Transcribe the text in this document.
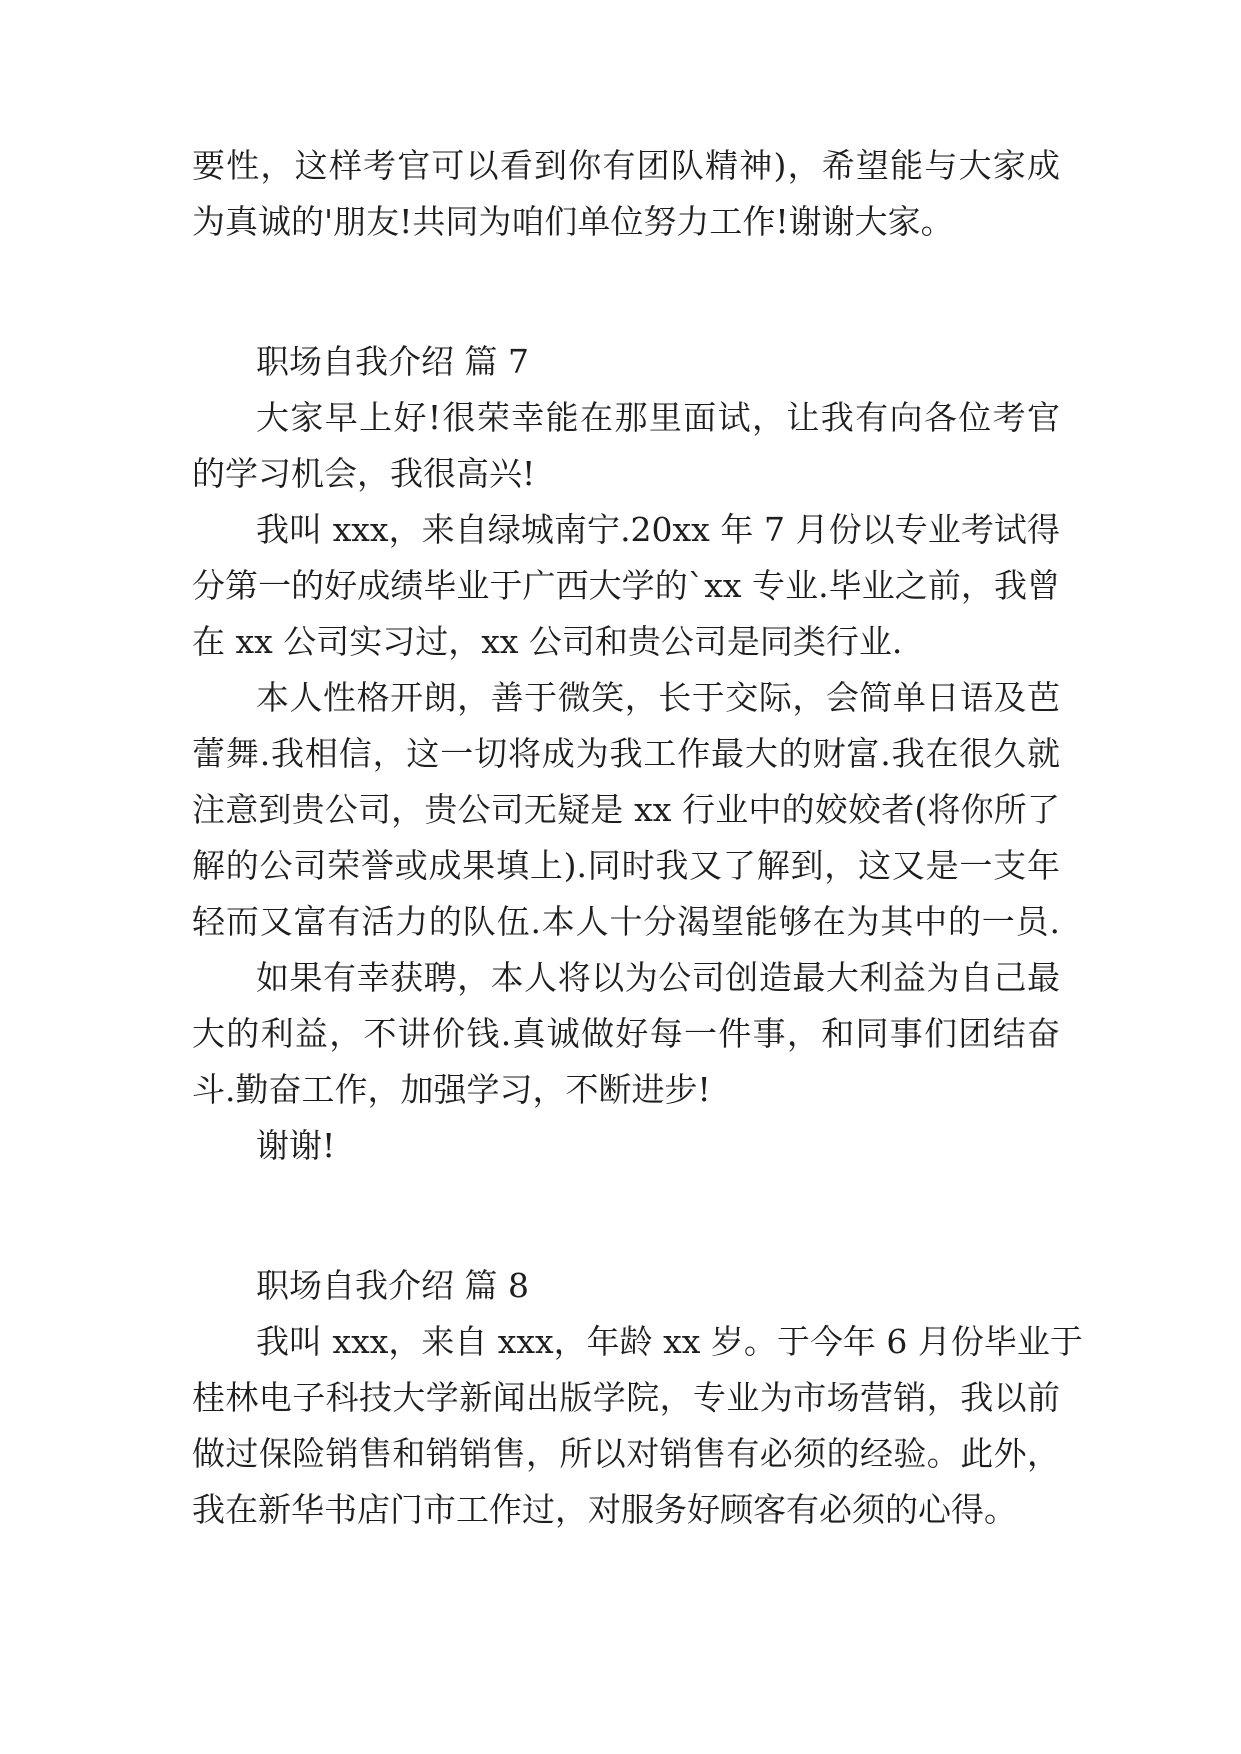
要性，这样考官可以看到你有团队精神)，希望能与大家成
为真诚的'朋友!共同为咱们单位努力工作!谢谢大家。
职场自我介绍 篇 7
大家早上好!很荣幸能在那里面试，让我有向各位考官
的学习机会，我很高兴!
我叫 xxx，来自绿城南宁.20xx 年 7 月份以专业考试得
分第一的好成绩毕业于广西大学的`xx 专业.毕业之前，我曾
在 xx 公司实习过，xx 公司和贵公司是同类行业.
本人性格开朗，善于微笑，长于交际，会简单日语及芭
蕾舞.我相信，这一切将成为我工作最大的财富.我在很久就
注意到贵公司，贵公司无疑是 xx 行业中的姣姣者(将你所了
解的公司荣誉或成果填上).同时我又了解到，这又是一支年
轻而又富有活力的队伍.本人十分渴望能够在为其中的一员.
如果有幸获聘，本人将以为公司创造最大利益为自己最
大的利益，不讲价钱.真诚做好每一件事，和同事们团结奋
斗.勤奋工作，加强学习，不断进步!
谢谢!
职场自我介绍 篇 8
我叫 xxx，来自 xxx，年龄 xx 岁。于今年 6 月份毕业于
桂林电子科技大学新闻出版学院，专业为市场营销，我以前
做过保险销售和销销售，所以对销售有必须的经验。此外，
我在新华书店门市工作过，对服务好顾客有必须的心得。
